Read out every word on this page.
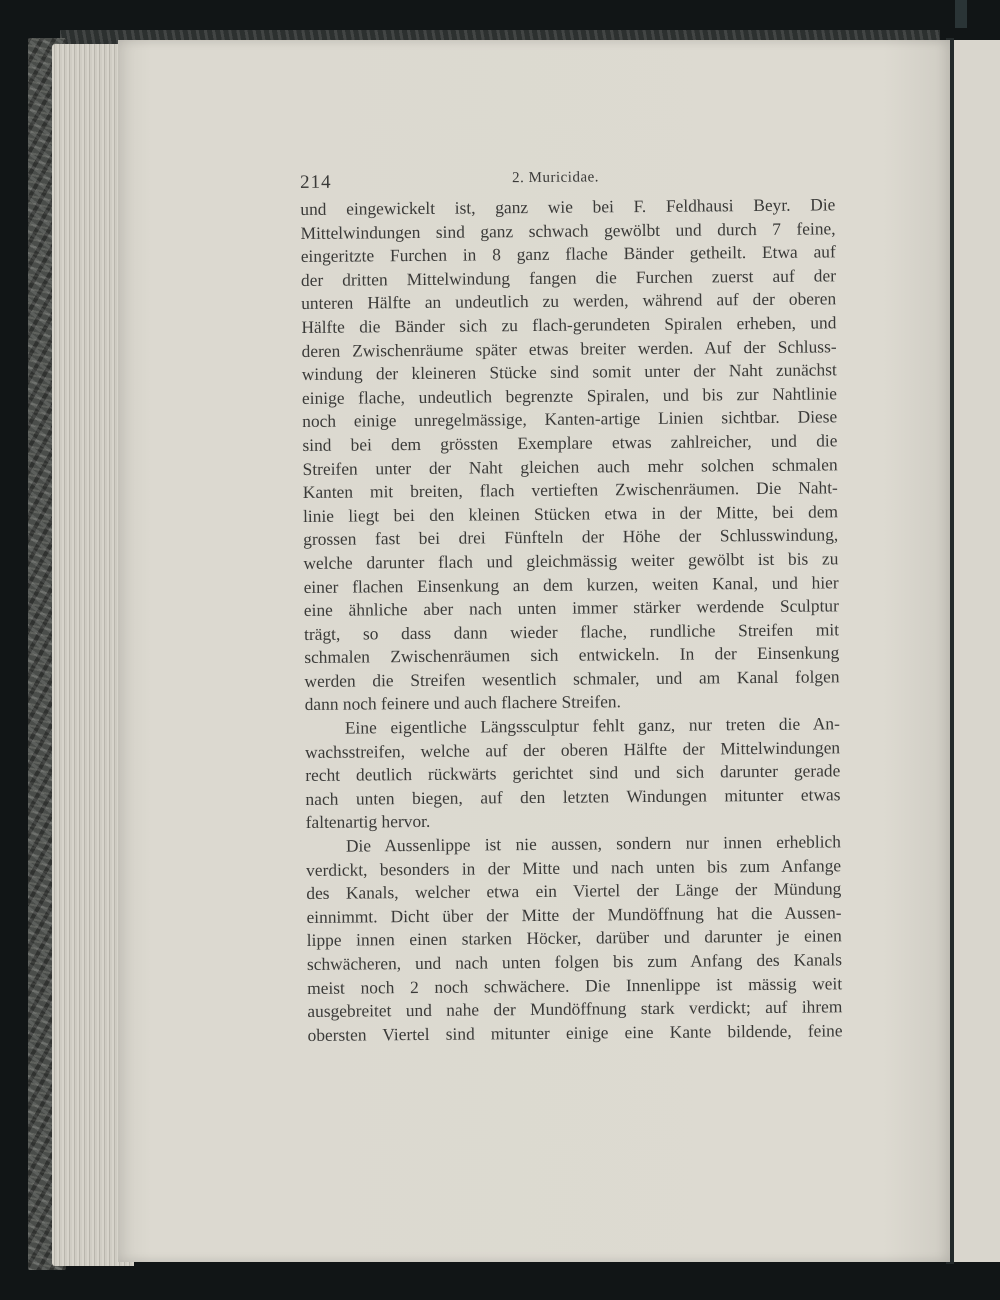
214	2. Muricidae.
und eingewickelt ist, ganz wie bei F. Feldhausi Beyr. Die
Mittelwindungen sind ganz schwach gewölbt und durch 7 feine,
eingeritzte Furchen in 8 ganz flache Bänder getheilt. Etwa auf
der dritten Mittelwindung fangen die Furchen zuerst auf der
unteren Hälfte an undeutlich zu werden, während auf der oberen
Hälfte die Bänder sich zu flach-gerundeten Spiralen erheben, und
deren Zwischenräume später etwas breiter werden. Auf der Schluss-
windung der kleineren Stücke sind somit unter der Naht zunächst
einige flache, undeutlich begrenzte Spiralen, und bis zur Nahtlinie
noch einige unregelmässige, Kanten-artige Linien sichtbar. Diese
sind bei dem grössten Exemplare etwas zahlreicher, und die
Streifen unter der Naht gleichen auch mehr solchen schmalen
Kanten mit breiten, flach vertieften Zwischenräumen. Die Naht-
linie liegt bei den kleinen Stücken etwa in der Mitte, bei dem
grossen fast bei drei Fünfteln der Höhe der Schlusswindung,
welche darunter flach und gleichmässig weiter gewölbt ist bis zu
einer flachen Einsenkung an dem kurzen, weiten Kanal, und hier
eine ähnliche aber nach unten immer stärker werdende Sculptur
trägt, so dass dann wieder flache, rundliche Streifen mit
schmalen Zwischenräumen sich entwickeln. In der Einsenkung
werden die Streifen wesentlich schmaler, und am Kanal folgen
dann noch feinere und auch flachere Streifen.
Eine eigentliche Längssculptur fehlt ganz, nur treten die An-
wachsstreifen, welche auf der oberen Hälfte der Mittelwindungen
recht deutlich rückwärts gerichtet sind und sich darunter gerade
nach unten biegen, auf den letzten Windungen mitunter etwas
faltenartig hervor.
Die Aussenlippe ist nie aussen, sondern nur innen erheblich
verdickt, besonders in der Mitte und nach unten bis zum Anfange
des Kanals, welcher etwa ein Viertel der Länge der Mündung
einnimmt. Dicht über der Mitte der Mundöffnung hat die Aussen-
lippe innen einen starken Höcker, darüber und darunter je einen
schwächeren, und nach unten folgen bis zum Anfang des Kanals
meist noch 2 noch schwächere. Die Innenlippe ist mässig weit
ausgebreitet und nahe der Mundöffnung stark verdickt; auf ihrem
obersten Viertel sind mitunter einige eine Kante bildende, feine
